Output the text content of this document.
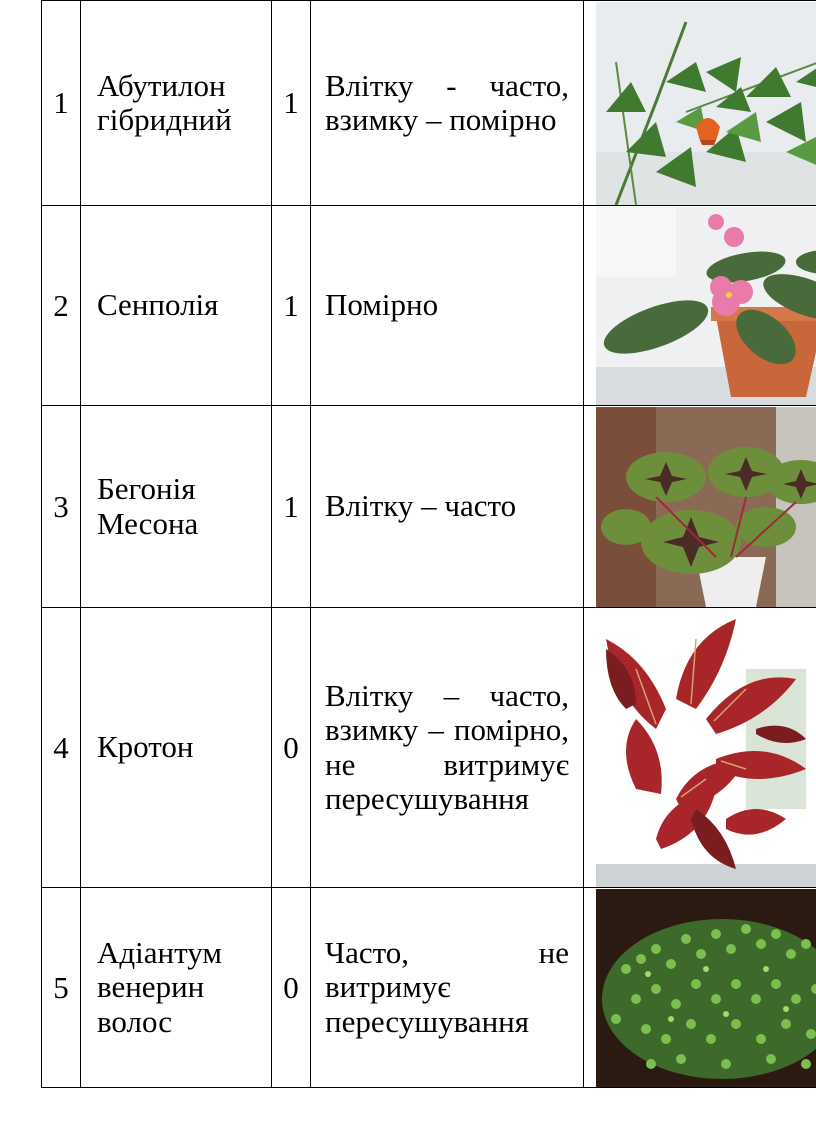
1	Абутилон гібридний	1	Влітку - часто, взимку – помірно	

2	Сенполія	1	Помірно	

3	Бегонія Месона	1	Влітку – часто	

4	Кротон	0	Влітку – часто, взимку – помірно, не витримує пересушування	

5	Адіантум венерин волос	0	Часто, не витримує пересушування	
